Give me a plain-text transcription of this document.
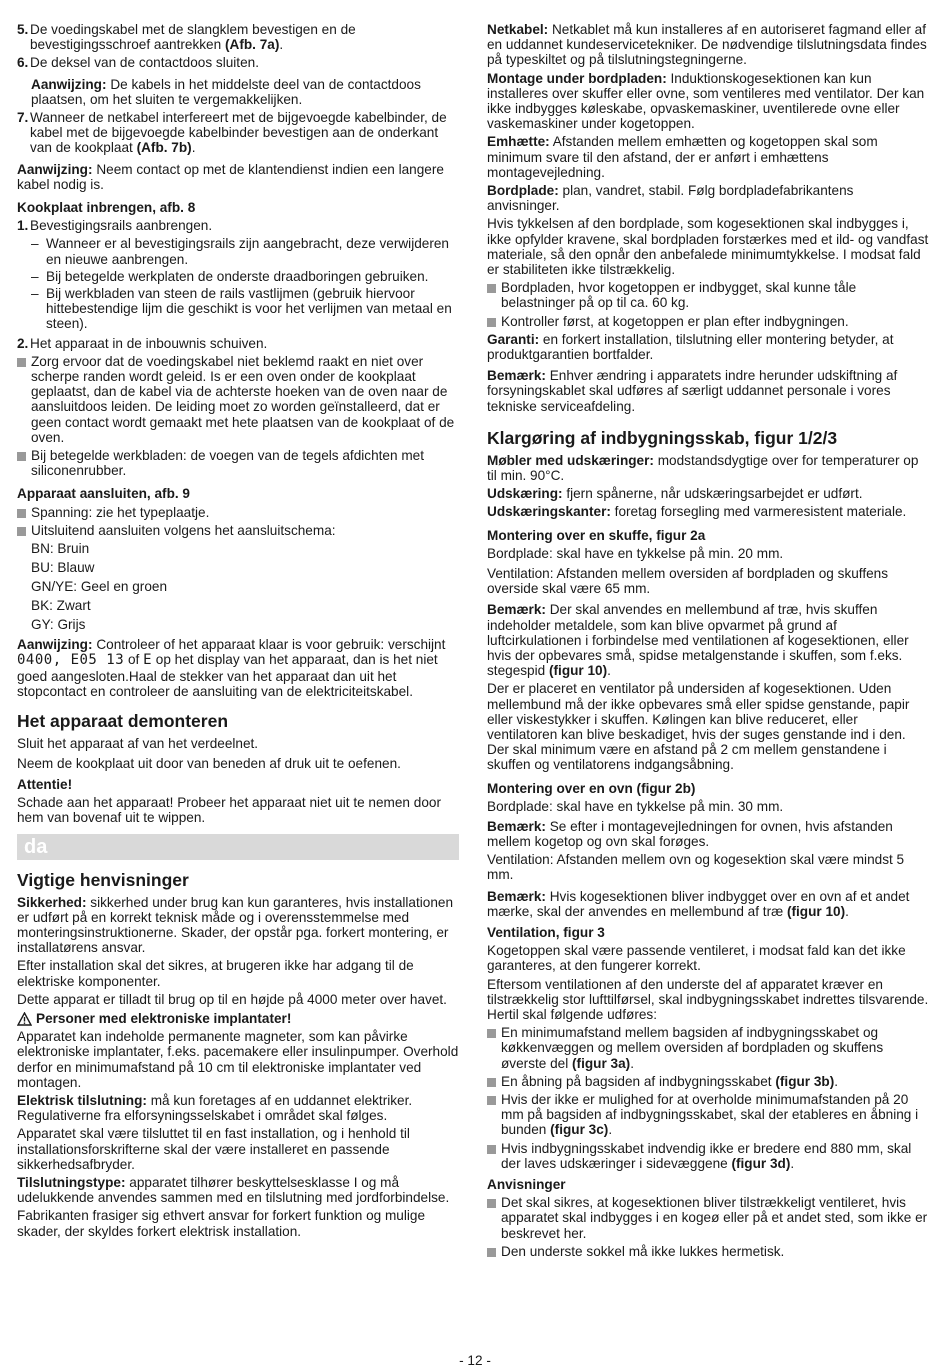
5. De voedingskabel met de slangklem bevestigen en de bevestigingsschroef aantrekken (Afb. 7a).
6. De deksel van de contactdoos sluiten.

Aanwijzing: De kabels in het middelste deel van de contactdoos plaatsen, om het sluiten te vergemakkelijken.

7. Wanneer de netkabel interfereert met de bijgevoegde kabelbinder, de kabel met de bijgevoegde kabelbinder bevestigen aan de onderkant van de kookplaat (Afb. 7b).

Aanwijzing: Neem contact op met de klantendienst indien een langere kabel nodig is.

Kookplaat inbrengen, afb. 8
1. Bevestigingsrails aanbrengen.
– Wanneer er al bevestigingsrails zijn aangebracht, deze verwijderen en nieuwe aanbrengen.
– Bij betegelde werkplaten de onderste draadboringen gebruiken.
– Bij werkbladen van steen de rails vastlijmen (gebruik hiervoor hittebestendige lijm die geschikt is voor het verlijmen van metaal en steen).
2. Het apparaat in de inbouwnis schuiven.
Zorg ervoor dat de voedingskabel niet beklemd raakt en niet over scherpe randen wordt geleid. Is er een oven onder de kookplaat geplaatst, dan de kabel via de achterste hoeken van de oven naar de aansluitdoos leiden. De leiding moet zo worden geïnstalleerd, dat er geen contact wordt gemaakt met hete plaatsen van de kookplaat of de oven.
Bij betegelde werkbladen: de voegen van de tegels afdichten met siliconenrubber.
Apparaat aansluiten, afb. 9
Spanning: zie het typeplaatje.
Uitsluitend aansluiten volgens het aansluitschema:
BN: Bruin
BU: Blauw
GN/YE: Geel en groen
BK: Zwart
GY: Grijs

Aanwijzing: Controleer of het apparaat klaar is voor gebruik: verschijnt 0400, E05 13 of E op het display van het apparaat, dan is het niet goed aangesloten.Haal de stekker van het apparaat dan uit het stopcontact en controleer de aansluiting van de elektriciteitskabel.

Het apparaat demonteren

Sluit het apparaat af van het verdeelnet.

Neem de kookplaat uit door van beneden af druk uit te oefenen.

Attentie!

Schade aan het apparaat! Probeer het apparaat niet uit te nemen door hem van bovenaf uit te wippen.

da
Vigtige henvisninger

Sikkerhed: sikkerhed under brug kan kun garanteres, hvis installationen er udført på en korrekt teknisk måde og i overensstemmelse med monteringsinstruktionerne. Skader, der opstår pga. forkert montering, er installatørens ansvar.

Efter installation skal det sikres, at brugeren ikke har adgang til de elektriske komponenter.

Dette apparat er tilladt til brug op til en højde på 4000 meter over havet.

Personer med elektroniske implantater!

Apparatet kan indeholde permanente magneter, som kan påvirke elektroniske implantater, f.eks. pacemakere eller insulinpumper. Overhold derfor en minimumafstand på 10 cm til elektroniske implantater ved montagen.

Elektrisk tilslutning: må kun foretages af en uddannet elektriker. Regulativerne fra elforsyningsselskabet i området skal følges.

Apparatet skal være tilsluttet til en fast installation, og i henhold til installationsforskrifterne skal der være installeret en passende sikkerhedsafbryder.

Tilslutningstype: apparatet tilhører beskyttelsesklasse I og må udelukkende anvendes sammen med en tilslutning med jordforbindelse.

Fabrikanten frasiger sig ethvert ansvar for forkert funktion og mulige skader, der skyldes forkert elektrisk installation.

Netkabel: Netkablet må kun installeres af en autoriseret fagmand eller af en uddannet kundeservicetekniker. De nødvendige tilslutningsdata findes på typeskiltet og på tilslutningstegningerne.

Montage under bordpladen: Induktionskogesektionen kan kun installeres over skuffer eller ovne, som ventileres med ventilator. Der kan ikke indbygges køleskabe, opvaskemaskiner, uventilerede ovne eller vaskemaskiner under kogetoppen.

Emhætte: Afstanden mellem emhætten og kogetoppen skal som minimum svare til den afstand, der er anført i emhættens montagevejledning.

Bordplade: plan, vandret, stabil. Følg bordpladefabrikantens anvisninger.

Hvis tykkelsen af den bordplade, som kogesektionen skal indbygges i, ikke opfylder kravene, skal bordpladen forstærkes med et ild- og vandfast materiale, så den opnår den anbefalede minimumtykkelse. I modsat fald er stabiliteten ikke tilstrækkelig.

Bordpladen, hvor kogetoppen er indbygget, skal kunne tåle belastninger på op til ca. 60 kg.
Kontroller først, at kogetoppen er plan efter indbygningen.

Garanti: en forkert installation, tilslutning eller montering betyder, at produktgarantien bortfalder.

Bemærk: Enhver ændring i apparatets indre herunder udskiftning af forsyningskablet skal udføres af særligt uddannet personale i vores tekniske serviceafdeling.

Klargøring af indbygningsskab, figur 1/2/3

Møbler med udskæringer: modstandsdygtige over for temperaturer op til min. 90°C.

Udskæring: fjern spånerne, når udskæringsarbejdet er udført.

Udskæringskanter: foretag forsegling med varmeresistent materiale.

Montering over en skuffe, figur 2a

Bordplade: skal have en tykkelse på min. 20 mm.

Ventilation: Afstanden mellem oversiden af bordpladen og skuffens overside skal være 65 mm.

Bemærk: Der skal anvendes en mellembund af træ, hvis skuffen indeholder metaldele, som kan blive opvarmet på grund af luftcirkulationen i forbindelse med ventilationen af kogesektionen, eller hvis der opbevares små, spidse metalgenstande i skuffen, som f.eks. stegespid (figur 10).

Der er placeret en ventilator på undersiden af kogesektionen. Uden mellembund må der ikke opbevares små eller spidse genstande, papir eller viskestykker i skuffen. Kølingen kan blive reduceret, eller ventilatoren kan blive beskadiget, hvis der suges genstande ind i den. Der skal minimum være en afstand på 2 cm mellem genstandene i skuffen og ventilatorens indgangsåbning.

Montering over en ovn (figur 2b)

Bordplade: skal have en tykkelse på min. 30 mm.

Bemærk: Se efter i montagevejledningen for ovnen, hvis afstanden mellem kogetop og ovn skal forøges.

Ventilation: Afstanden mellem ovn og kogesektion skal være mindst 5 mm.

Bemærk: Hvis kogesektionen bliver indbygget over en ovn af et andet mærke, skal der anvendes en mellembund af træ (figur 10).

Ventilation, figur 3

Kogetoppen skal være passende ventileret, i modsat fald kan det ikke garanteres, at den fungerer korrekt.

Eftersom ventilationen af den underste del af apparatet kræver en tilstrækkelig stor lufttilførsel, skal indbygningsskabet indrettes tilsvarende. Hertil skal følgende udføres:

En minimumafstand mellem bagsiden af indbygningsskabet og køkkenvæggen og mellem oversiden af bordpladen og skuffens øverste del (figur 3a).
En åbning på bagsiden af indbygningsskabet (figur 3b).
Hvis der ikke er mulighed for at overholde minimumafstanden på 20 mm på bagsiden af indbygningsskabet, skal der etableres en åbning i bunden (figur 3c).
Hvis indbygningsskabet indvendig ikke er bredere end 880 mm, skal der laves udskæringer i sidevæggene (figur 3d).
Anvisninger
Det skal sikres, at kogesektionen bliver tilstrækkeligt ventileret, hvis apparatet skal indbygges i en kogeø eller på et andet sted, som ikke er beskrevet her.
Den underste sokkel må ikke lukkes hermetisk.
- 12 -
